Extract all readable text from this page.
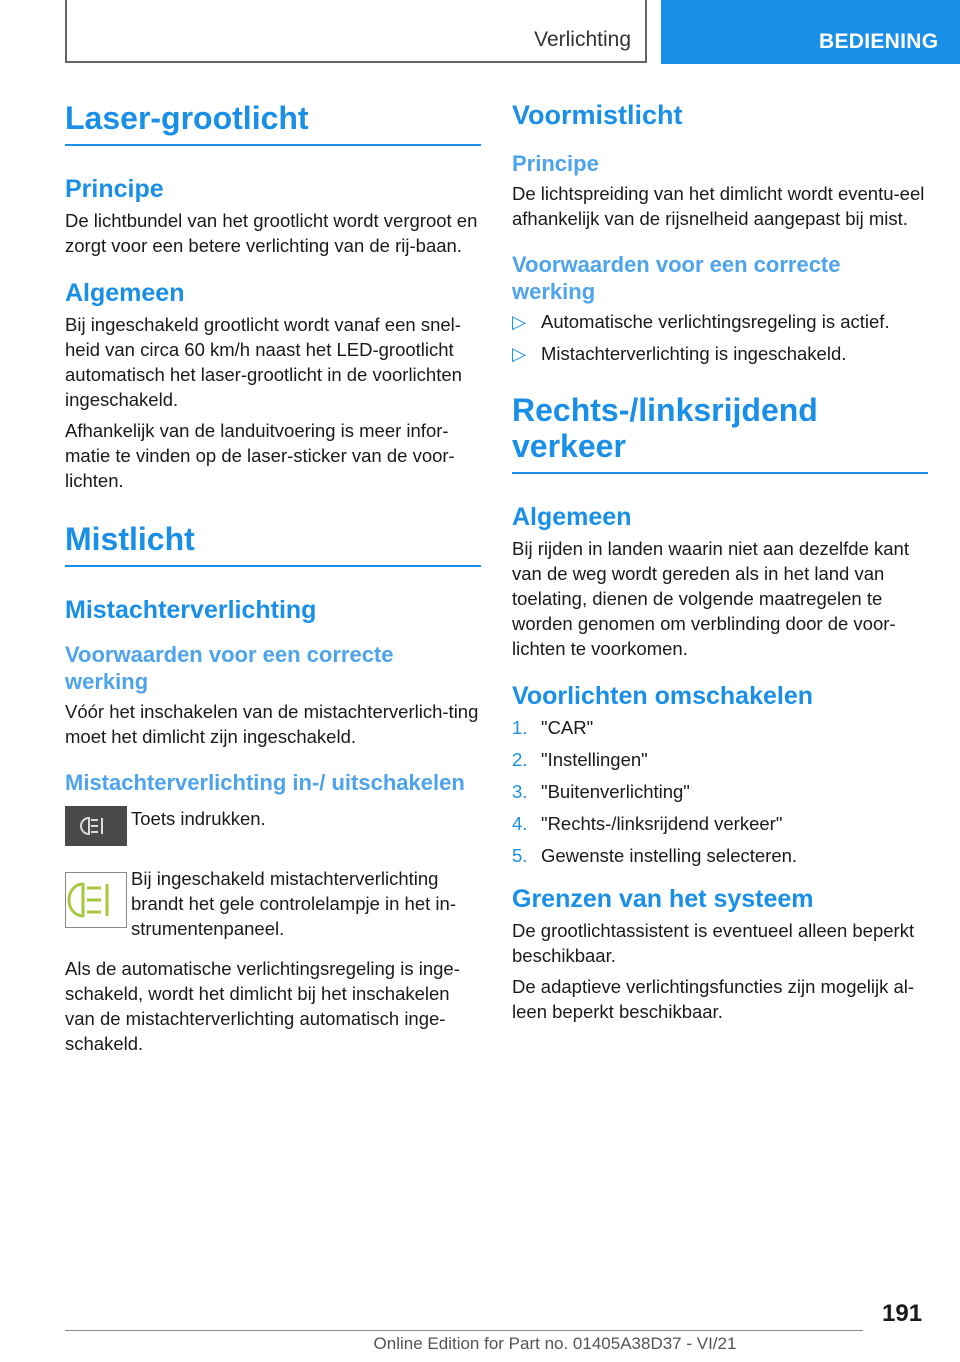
Verlichting	BEDIENING
Laser-grootlicht
Principe

De lichtbundel van het grootlicht wordt vergroot en zorgt voor een betere verlichting van de rij-baan.

Algemeen

Bij ingeschakeld grootlicht wordt vanaf een snel-heid van circa 60 km/h naast het LED-grootlicht automatisch het laser-grootlicht in de voorlichten ingeschakeld.

Afhankelijk van de landuitvoering is meer infor-matie te vinden op de laser-sticker van de voor-lichten.

Mistlicht
Mistachterverlichting
Voorwaarden voor een correcte werking

Vóór het inschakelen van de mistachterverlich-ting moet het dimlicht zijn ingeschakeld.

Mistachterverlichting in-/ uitschakelen

Toets indrukken.

Bij ingeschakeld mistachterverlichting brandt het gele controlelampje in het in-strumentenpaneel.

Als de automatische verlichtingsregeling is inge-schakeld, wordt het dimlicht bij het inschakelen van de mistachterverlichting automatisch inge-schakeld.

Voormistlicht
Principe

De lichtspreiding van het dimlicht wordt eventu-eel afhankelijk van de rijsnelheid aangepast bij mist.

Voorwaarden voor een correcte werking
▷ Automatische verlichtingsregeling is actief.
▷ Mistachterverlichting is ingeschakeld.
Rechts-/linksrijdend verkeer
Algemeen

Bij rijden in landen waarin niet aan dezelfde kant van de weg wordt gereden als in het land van toelating, dienen de volgende maatregelen te worden genomen om verblinding door de voor-lichten te voorkomen.

Voorlichten omschakelen
1. "CAR"
2. "Instellingen"
3. "Buitenverlichting"
4. "Rechts-/linksrijdend verkeer"
5. Gewenste instelling selecteren.
Grenzen van het systeem

De grootlichtassistent is eventueel alleen beperkt beschikbaar.

De adaptieve verlichtingsfuncties zijn mogelijk al-leen beperkt beschikbaar.

191
Online Edition for Part no. 01405A38D37 - VI/21
